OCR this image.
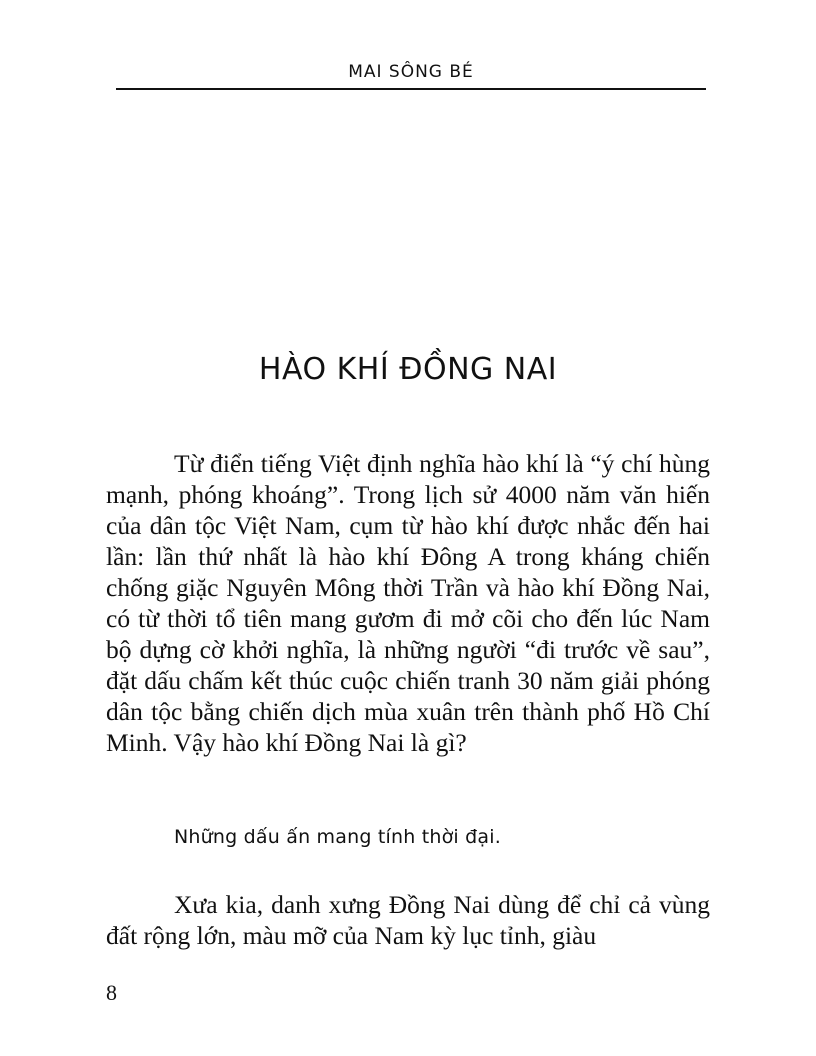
MAI SÔNG BÉ
HÀO KHÍ ĐỒNG NAI

Từ điển tiếng Việt định nghĩa hào khí là “ý chí hùng mạnh, phóng khoáng”. Trong lịch sử 4000 năm văn hiến của dân tộc Việt Nam, cụm từ hào khí được nhắc đến hai lần: lần thứ nhất là hào khí Đông A trong kháng chiến chống giặc Nguyên Mông thời Trần và hào khí Đồng Nai, có từ thời tổ tiên mang gươm đi mở cõi cho đến lúc Nam bộ dựng cờ khởi nghĩa, là những người “đi trước về sau”, đặt dấu chấm kết thúc cuộc chiến tranh 30 năm giải phóng dân tộc bằng chiến dịch mùa xuân trên thành phố Hồ Chí Minh. Vậy hào khí Đồng Nai là gì?

Những dấu ấn mang tính thời đại.

Xưa kia, danh xưng Đồng Nai dùng để chỉ cả vùng đất rộng lớn, màu mỡ của Nam kỳ lục tỉnh, giàu

8
